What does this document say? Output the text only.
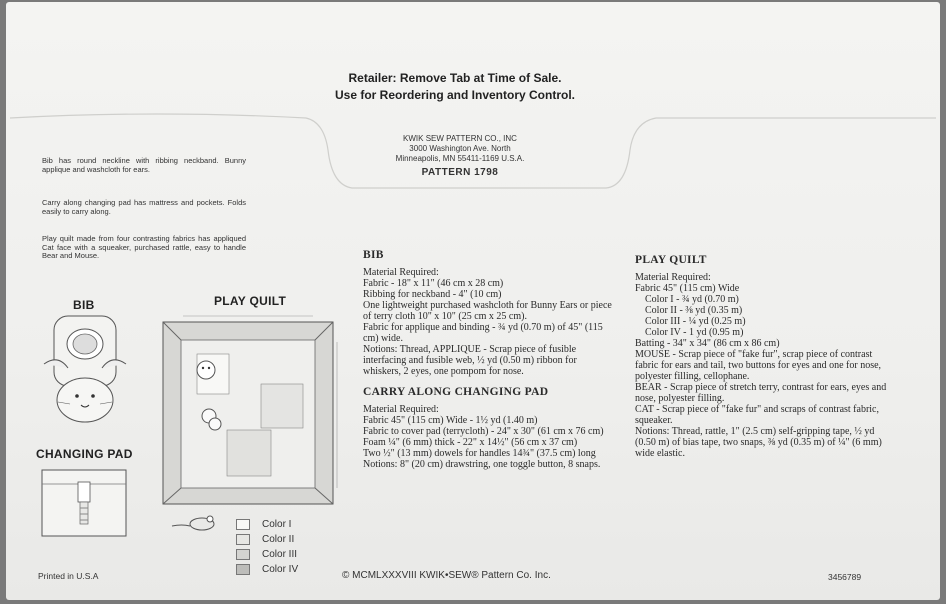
Retailer: Remove Tab at Time of Sale.
Use for Reordering and Inventory Control.
KWIK SEW PATTERN CO., INC
3000 Washington Ave. North
Minneapolis, MN 55411-1169 U.S.A.
PATTERN 1798
Bib has round neckline with ribbing neckband. Bunny applique and washcloth for ears.
Carry along changing pad has mattress and pockets. Folds easily to carry along.
Play quilt made from four contrasting fabrics has appliqued Cat face with a squeaker, purchased rattle, easy to handle Bear and Mouse.
BIB	PLAY QUILT
CHANGING PAD
Color I
Color II
Color III
Color IV
BIB

Material Required:

Fabric - 18" x 11" (46 cm x 28 cm)

Ribbing for neckband - 4" (10 cm)

One lightweight purchased washcloth for Bunny Ears or piece of terry cloth 10" x 10" (25 cm x 25 cm).

Fabric for applique and binding - ¾ yd (0.70 m) of 45" (115 cm) wide.

Notions: Thread, APPLIQUE - Scrap piece of fusible interfacing and fusible web, ½ yd (0.50 m) ribbon for whiskers, 2 eyes, one pompom for nose.

CARRY ALONG CHANGING PAD

Material Required:

Fabric 45" (115 cm) Wide - 1½ yd (1.40 m)

Fabric to cover pad (terrycloth) - 24" x 30" (61 cm x 76 cm)

Foam ¼" (6 mm) thick - 22" x 14½" (56 cm x 37 cm)

Two ½" (13 mm) dowels for handles 14¾" (37.5 cm) long

Notions: 8" (20 cm) drawstring, one toggle button, 8 snaps.

PLAY QUILT

Material Required:

Fabric 45" (115 cm) Wide

Color I - ¾ yd (0.70 m)

Color II - ⅜ yd (0.35 m)

Color III - ¼ yd (0.25 m)

Color IV - 1 yd (0.95 m)

Batting - 34" x 34" (86 cm x 86 cm)

MOUSE - Scrap piece of "fake fur", scrap piece of contrast fabric for ears and tail, two buttons for eyes and one for nose, polyester filling, cellophane.

BEAR - Scrap piece of stretch terry, contrast for ears, eyes and nose, polyester filling.

CAT - Scrap piece of "fake fur" and scraps of contrast fabric, squeaker.

Notions: Thread, rattle, 1" (2.5 cm) self-gripping tape, ½ yd (0.50 m) of bias tape, two snaps, ⅜ yd (0.35 m) of ¼" (6 mm) wide elastic.

Printed in U.S.A	© MCMLXXXVIII KWIK•SEW® Pattern Co. Inc.	3456789
